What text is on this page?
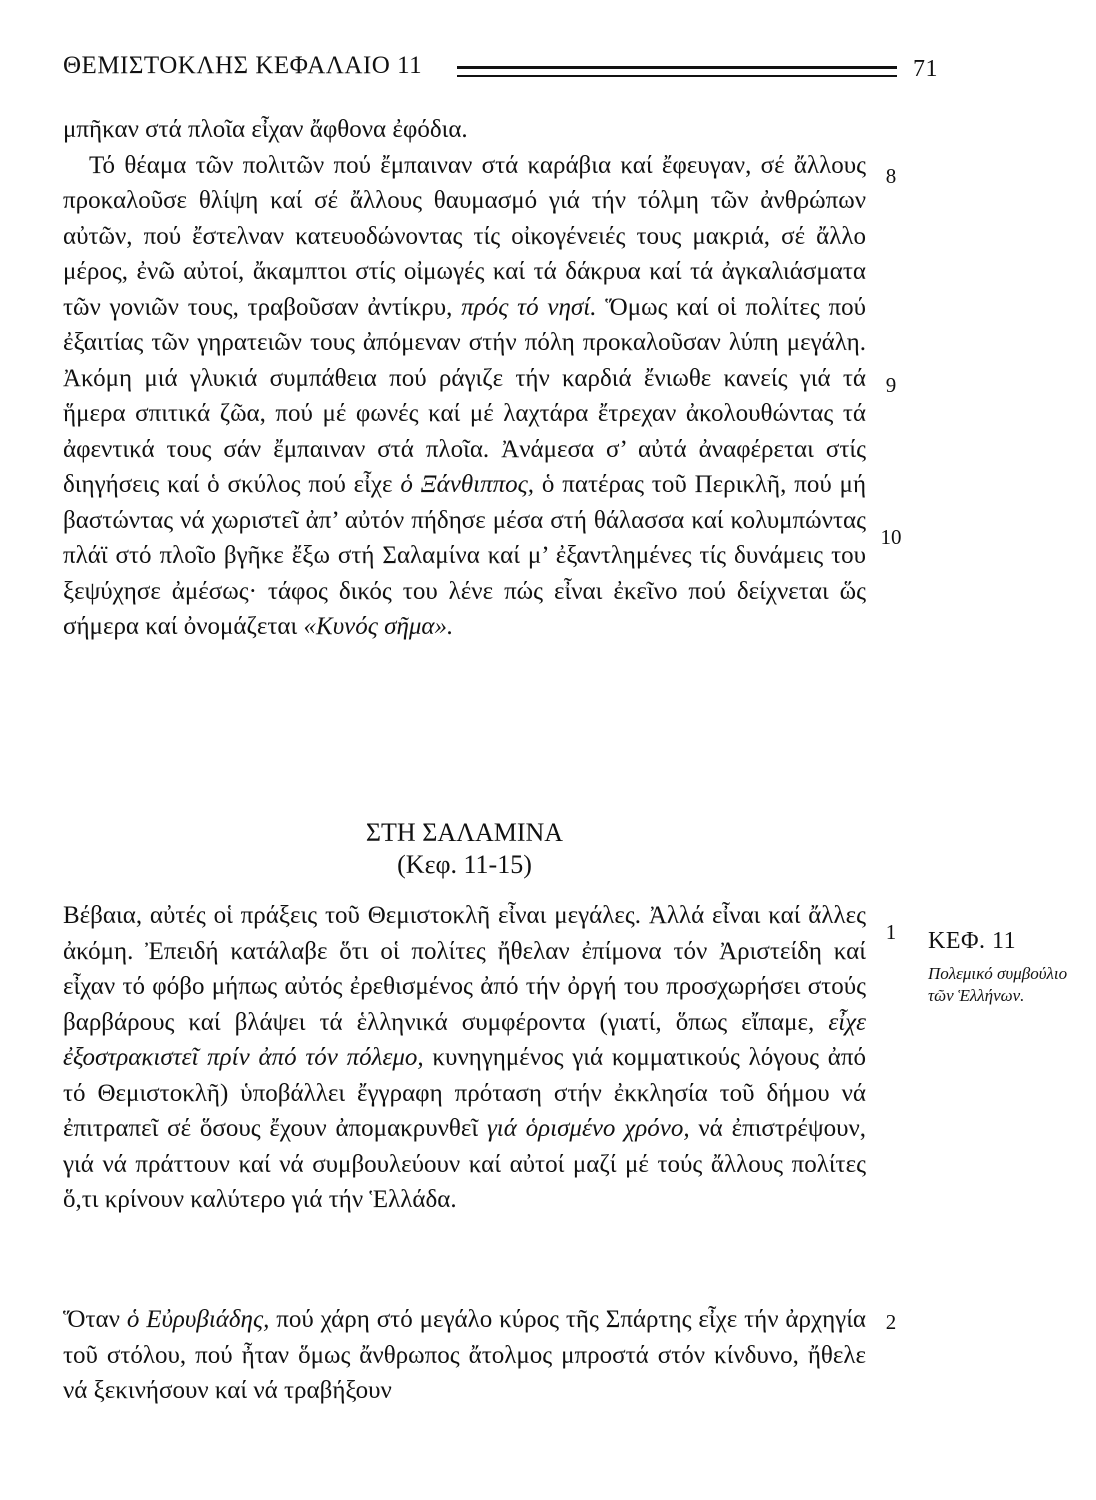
ΘΕΜΙΣΤΟΚΛΗΣ ΚΕΦΑΛΑΙΟ 11	71

μπῆκαν στά πλοῖα εἶχαν ἄφθονα ἐφόδια.

Τό θέαμα τῶν πολιτῶν πού ἔμπαιναν στά καράβια καί ἔφευγαν, σέ ἄλλους προκαλοῦσε θλίψη καί σέ ἄλλους θαυμασμό γιά τήν τόλμη τῶν ἀνθρώπων αὐτῶν, πού ἔστελναν κατευοδώνοντας τίς οἰκογένειές τους μακριά, σέ ἄλλο μέρος, ἐνῶ αὐτοί, ἄκαμπτοι στίς οἰμωγές καί τά δάκρυα καί τά ἀγκαλιάσματα τῶν γονιῶν τους, τραβοῦσαν ἀντίκρυ, πρός τό νησί. Ὅμως καί οἱ πολίτες πού ἐξαιτίας τῶν γηρατειῶν τους ἀπόμεναν στήν πόλη προκαλοῦσαν λύπη μεγάλη. Ἀκόμη μιά γλυκιά συμπάθεια πού ράγιζε τήν καρδιά ἔνιωθε κανείς γιά τά ἥμερα σπιτικά ζῶα, πού μέ φωνές καί μέ λαχτάρα ἔτρεχαν ἀκολουθώντας τά ἀφεντικά τους σάν ἔμπαιναν στά πλοῖα. Ἀνάμεσα σ’ αὐτά ἀναφέρεται στίς διηγήσεις καί ὁ σκύλος πού εἶχε ὁ Ξάνθιππος, ὁ πατέρας τοῦ Περικλῆ, πού μή βαστώντας νά χωριστεῖ ἀπ’ αὐτόν πήδησε μέσα στή θάλασσα καί κολυμπώντας πλάϊ στό πλοῖο βγῆκε ἔξω στή Σαλαμίνα καί μ’ ἐξαντλημένες τίς δυνάμεις του ξεψύχησε ἀμέσως· τάφος δικός του λένε πώς εἶναι ἐκεῖνο πού δείχνεται ὥς σήμερα καί ὀνομάζεται «Κυνός σῆμα».

8
9
10
ΣΤΗ ΣΑΛΑΜΙΝΑ
(Κεφ. 11-15)

Βέβαια, αὐτές οἱ πράξεις τοῦ Θεμιστοκλῆ εἶναι μεγάλες. Ἀλλά εἶναι καί ἄλλες ἀκόμη. Ἐπειδή κατάλαβε ὅτι οἱ πολίτες ἤθελαν ἐπίμονα τόν Ἀριστείδη καί εἶχαν τό φόβο μήπως αὐτός ἐρεθισμένος ἀπό τήν ὀργή του προσχωρήσει στούς βαρβάρους καί βλάψει τά ἑλληνικά συμφέροντα (γιατί, ὅπως εἴπαμε, εἶχε ἐξοστρακιστεῖ πρίν ἀπό τόν πόλεμο, κυνηγημένος γιά κομματικούς λόγους ἀπό τό Θεμιστοκλῆ) ὑποβάλλει ἔγγραφη πρόταση στήν ἐκκλησία τοῦ δήμου νά ἐπιτραπεῖ σέ ὅσους ἔχουν ἀπομακρυνθεῖ γιά ὁρισμένο χρόνο, νά ἐπιστρέψουν, γιά νά πράττουν καί νά συμβουλεύουν καί αὐτοί μαζί μέ τούς ἄλλους πολίτες ὅ,τι κρίνουν καλύτερο γιά τήν Ἑλλάδα.

Ὅταν ὁ Εὐρυβιάδης, πού χάρη στό μεγάλο κύρος τῆς Σπάρτης εἶχε τήν ἀρχηγία τοῦ στόλου, πού ἦταν ὅμως ἄνθρωπος ἄτολμος μπροστά στόν κίνδυνο, ἤθελε νά ξεκινήσουν καί νά τραβήξουν

1
2
ΚΕΦ. 11
Πολεμικό συμβούλιο τῶν Ἑλλήνων.
